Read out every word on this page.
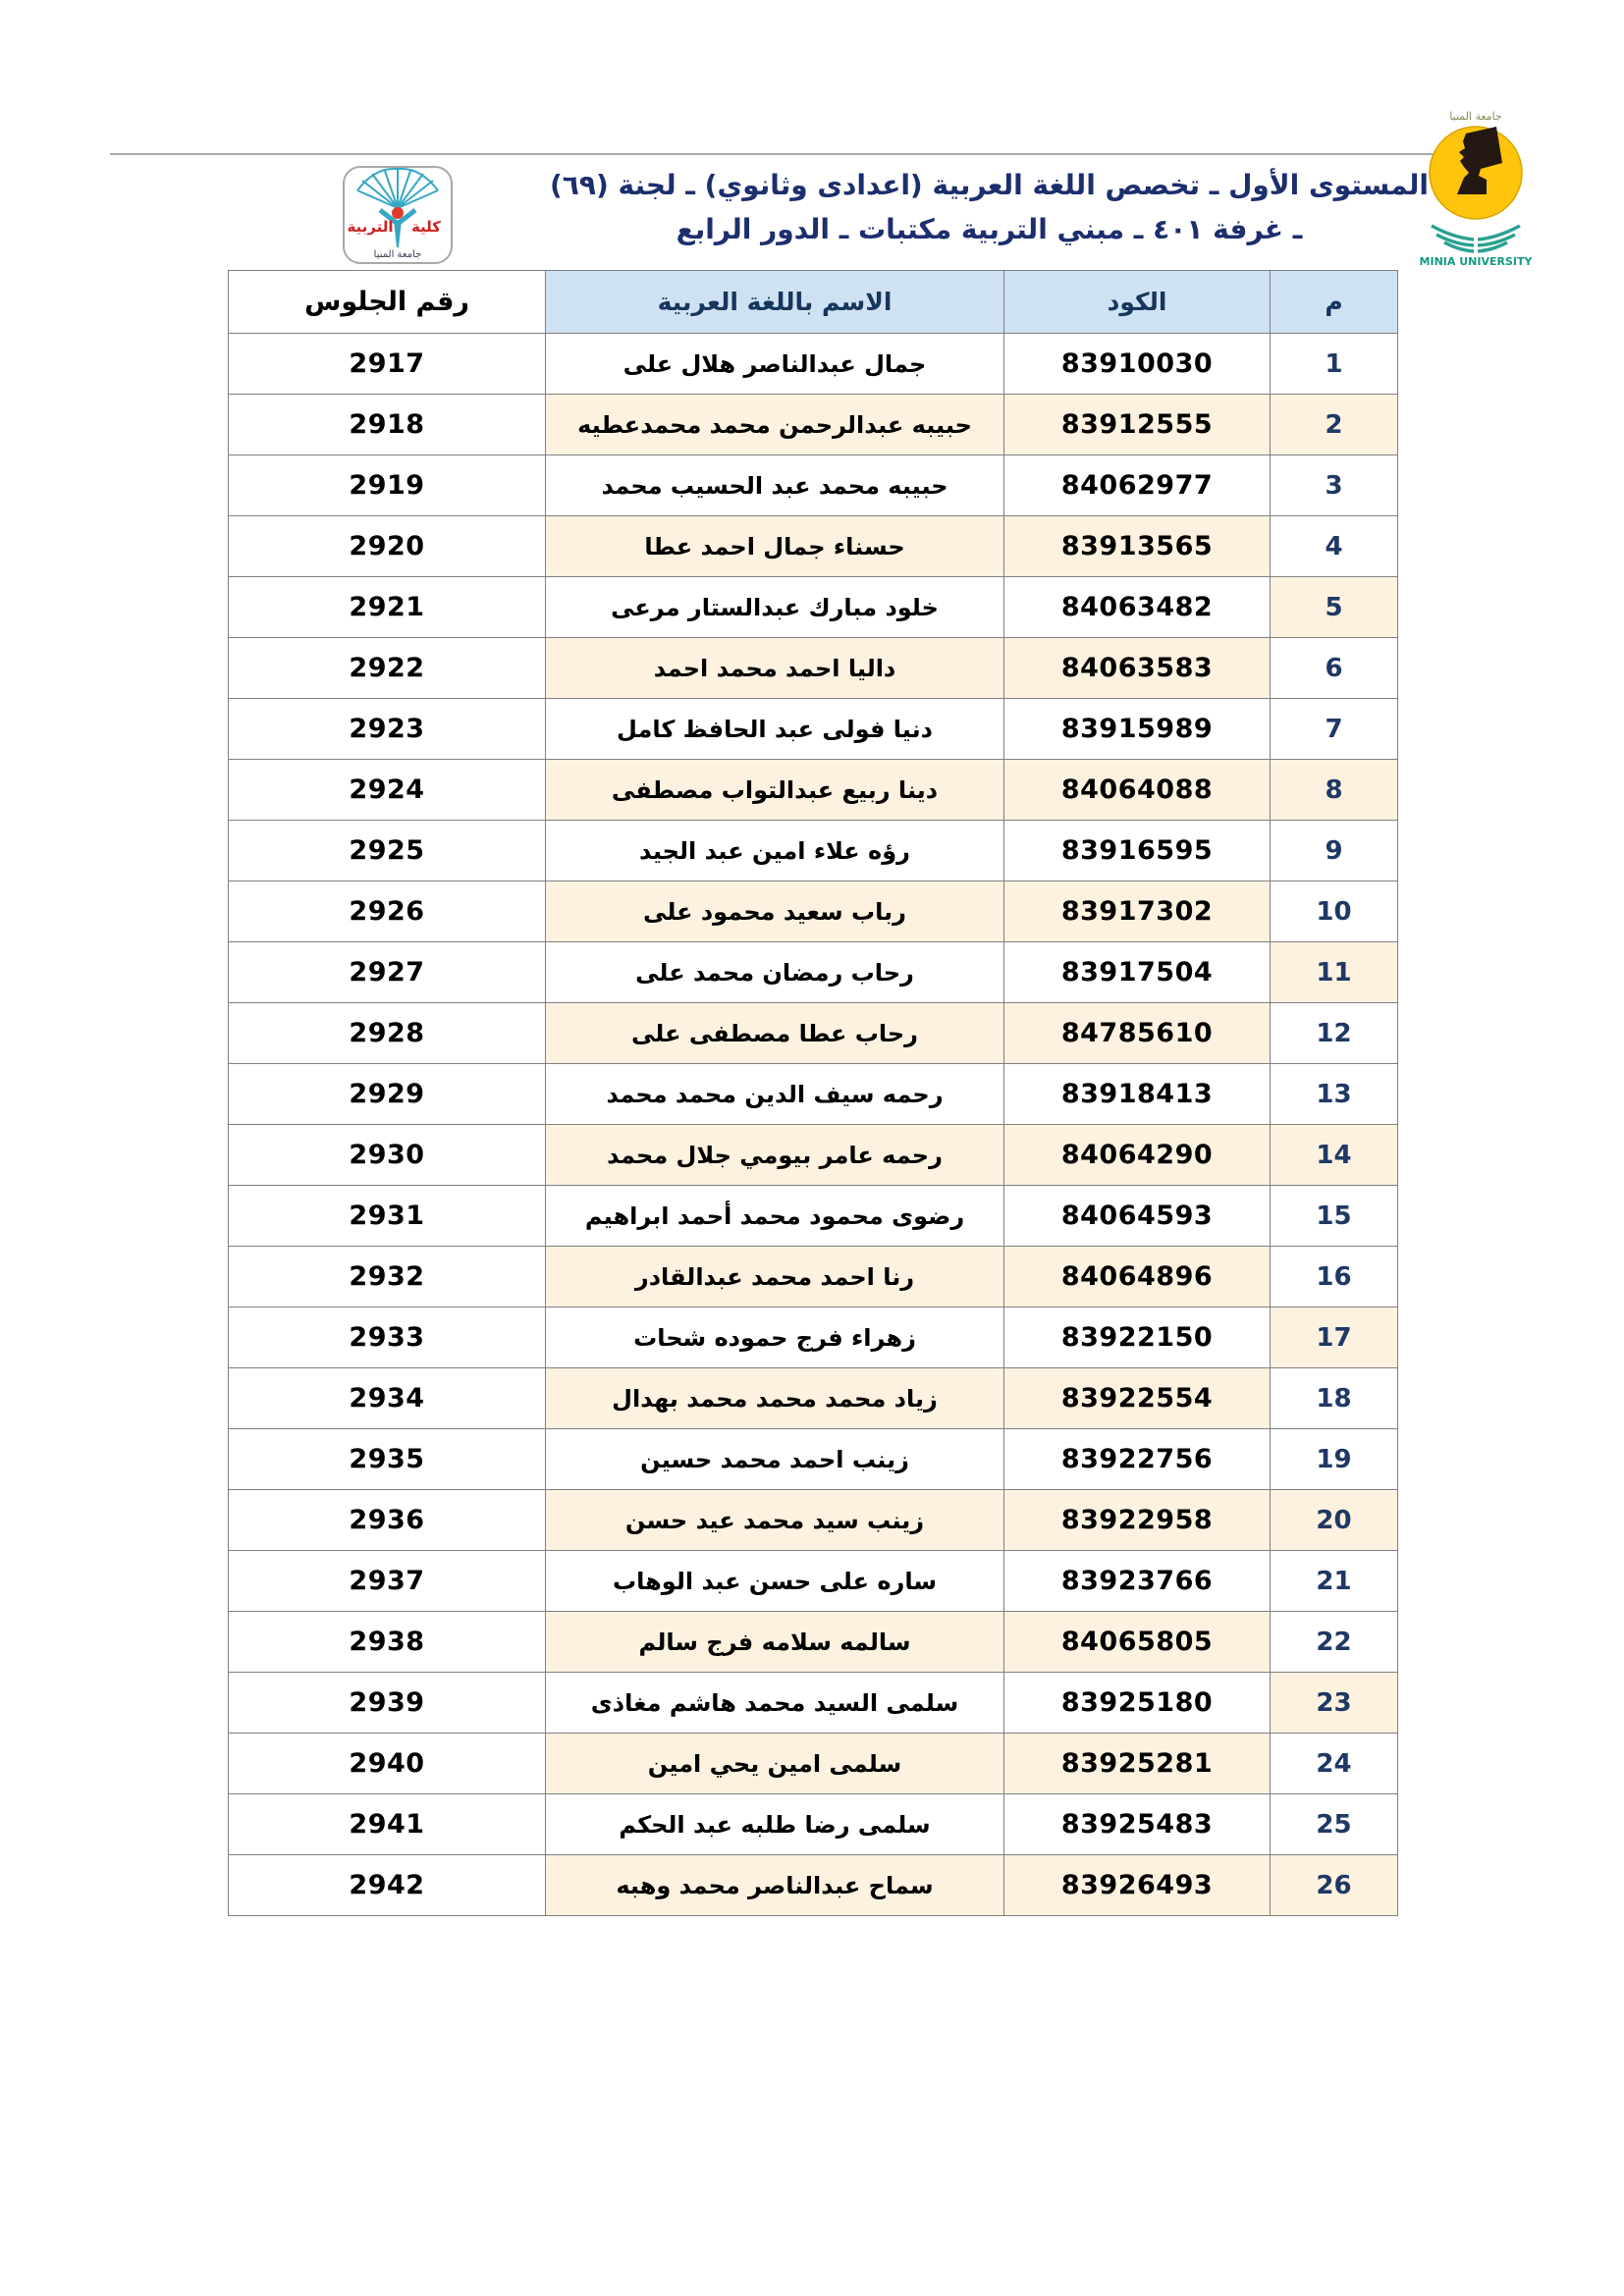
كلية
التربية
جامعة المنيا
المستوى الأول ـ تخصص اللغة العربية (اعدادى وثانوي) ـ لجنة (٦٩)
ـ غرفة ٤٠١ ـ مبني التربية مكتبات ـ الدور الرابع
جامعة المنيا
MINIA UNIVERSITY
م	الكود	الاسم باللغة العربية	رقم الجلوس
1	83910030	جمال عبدالناصر هلال على	2917
2	83912555	حبيبه عبدالرحمن محمد محمدعطيه	2918
3	84062977	حبيبه محمد عبد الحسيب محمد	2919
4	83913565	حسناء جمال احمد عطا	2920
5	84063482	خلود مبارك عبدالستار مرعى	2921
6	84063583	داليا احمد محمد احمد	2922
7	83915989	دنيا فولى عبد الحافظ كامل	2923
8	84064088	دينا ربيع عبدالتواب مصطفى	2924
9	83916595	رؤه علاء امين عبد الجيد	2925
10	83917302	رباب سعيد محمود على	2926
11	83917504	رحاب رمضان محمد على	2927
12	84785610	رحاب عطا مصطفى على	2928
13	83918413	رحمه سيف الدين محمد محمد	2929
14	84064290	رحمه عامر بيومي جلال محمد	2930
15	84064593	رضوى محمود محمد أحمد ابراهيم	2931
16	84064896	رنا احمد محمد عبدالقادر	2932
17	83922150	زهراء فرج حموده شحات	2933
18	83922554	زياد محمد محمد محمد بهدال	2934
19	83922756	زينب احمد محمد حسين	2935
20	83922958	زينب سيد محمد عيد حسن	2936
21	83923766	ساره على حسن عبد الوهاب	2937
22	84065805	سالمه سلامه فرج سالم	2938
23	83925180	سلمى السيد محمد هاشم مغاذى	2939
24	83925281	سلمى امين يحي امين	2940
25	83925483	سلمى رضا طلبه عبد الحكم	2941
26	83926493	سماح عبدالناصر محمد وهبه	2942
